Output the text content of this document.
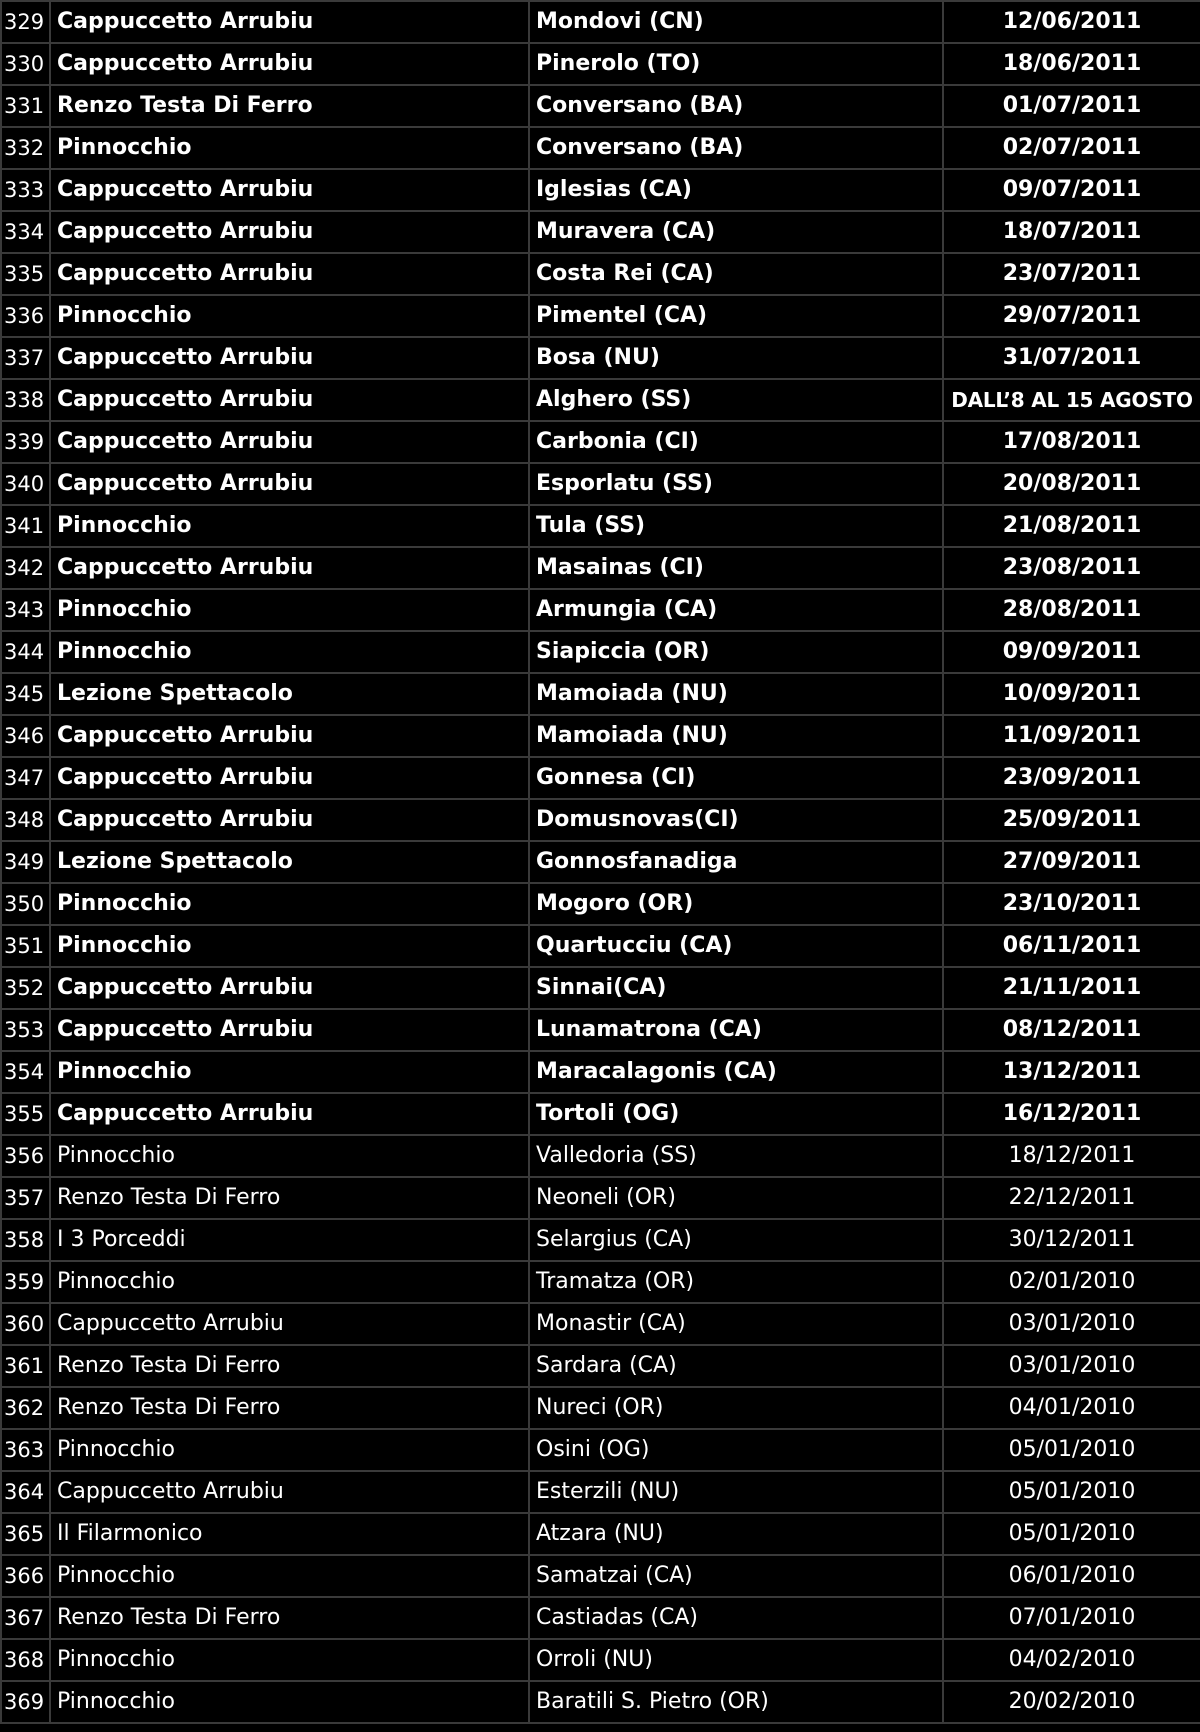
329	Cappuccetto Arrubiu	Mondovi (CN)	12/06/2011
330	Cappuccetto Arrubiu	Pinerolo (TO)	18/06/2011
331	Renzo Testa Di Ferro	Conversano (BA)	01/07/2011
332	Pinnocchio	Conversano (BA)	02/07/2011
333	Cappuccetto Arrubiu	Iglesias (CA)	09/07/2011
334	Cappuccetto Arrubiu	Muravera (CA)	18/07/2011
335	Cappuccetto Arrubiu	Costa Rei (CA)	23/07/2011
336	Pinnocchio	Pimentel (CA)	29/07/2011
337	Cappuccetto Arrubiu	Bosa (NU)	31/07/2011
338	Cappuccetto Arrubiu	Alghero (SS)	DALL’8 AL 15 AGOSTO
339	Cappuccetto Arrubiu	Carbonia (CI)	17/08/2011
340	Cappuccetto Arrubiu	Esporlatu (SS)	20/08/2011
341	Pinnocchio	Tula (SS)	21/08/2011
342	Cappuccetto Arrubiu	Masainas (CI)	23/08/2011
343	Pinnocchio	Armungia (CA)	28/08/2011
344	Pinnocchio	Siapiccia (OR)	09/09/2011
345	Lezione Spettacolo	Mamoiada (NU)	10/09/2011
346	Cappuccetto Arrubiu	Mamoiada (NU)	11/09/2011
347	Cappuccetto Arrubiu	Gonnesa (CI)	23/09/2011
348	Cappuccetto Arrubiu	Domusnovas(CI)	25/09/2011
349	Lezione Spettacolo	Gonnosfanadiga	27/09/2011
350	Pinnocchio	Mogoro (OR)	23/10/2011
351	Pinnocchio	Quartucciu (CA)	06/11/2011
352	Cappuccetto Arrubiu	Sinnai(CA)	21/11/2011
353	Cappuccetto Arrubiu	Lunamatrona (CA)	08/12/2011
354	Pinnocchio	Maracalagonis (CA)	13/12/2011
355	Cappuccetto Arrubiu	Tortoli (OG)	16/12/2011
356	Pinnocchio	Valledoria (SS)	18/12/2011
357	Renzo Testa Di Ferro	Neoneli (OR)	22/12/2011
358	I 3 Porceddi	Selargius (CA)	30/12/2011
359	Pinnocchio	Tramatza (OR)	02/01/2010
360	Cappuccetto Arrubiu	Monastir (CA)	03/01/2010
361	Renzo Testa Di Ferro	Sardara (CA)	03/01/2010
362	Renzo Testa Di Ferro	Nureci (OR)	04/01/2010
363	Pinnocchio	Osini (OG)	05/01/2010
364	Cappuccetto Arrubiu	Esterzili (NU)	05/01/2010
365	Il Filarmonico	Atzara (NU)	05/01/2010
366	Pinnocchio	Samatzai (CA)	06/01/2010
367	Renzo Testa Di Ferro	Castiadas (CA)	07/01/2010
368	Pinnocchio	Orroli (NU)	04/02/2010
369	Pinnocchio	Baratili S. Pietro (OR)	20/02/2010
